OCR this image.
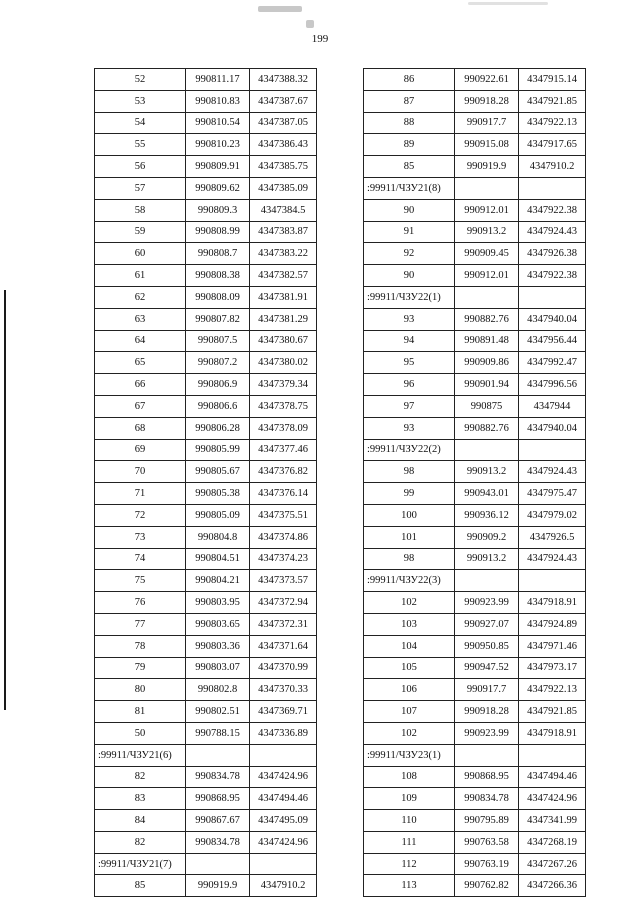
199
52	990811.17	4347388.32
53	990810.83	4347387.67
54	990810.54	4347387.05
55	990810.23	4347386.43
56	990809.91	4347385.75
57	990809.62	4347385.09
58	990809.3	4347384.5
59	990808.99	4347383.87
60	990808.7	4347383.22
61	990808.38	4347382.57
62	990808.09	4347381.91
63	990807.82	4347381.29
64	990807.5	4347380.67
65	990807.2	4347380.02
66	990806.9	4347379.34
67	990806.6	4347378.75
68	990806.28	4347378.09
69	990805.99	4347377.46
70	990805.67	4347376.82
71	990805.38	4347376.14
72	990805.09	4347375.51
73	990804.8	4347374.86
74	990804.51	4347374.23
75	990804.21	4347373.57
76	990803.95	4347372.94
77	990803.65	4347372.31
78	990803.36	4347371.64
79	990803.07	4347370.99
80	990802.8	4347370.33
81	990802.51	4347369.71
50	990788.15	4347336.89
:99911/ЧЗУ21(6)		
82	990834.78	4347424.96
83	990868.95	4347494.46
84	990867.67	4347495.09
82	990834.78	4347424.96
:99911/ЧЗУ21(7)		
85	990919.9	4347910.2
86	990922.61	4347915.14
87	990918.28	4347921.85
88	990917.7	4347922.13
89	990915.08	4347917.65
85	990919.9	4347910.2
:99911/ЧЗУ21(8)		
90	990912.01	4347922.38
91	990913.2	4347924.43
92	990909.45	4347926.38
90	990912.01	4347922.38
:99911/ЧЗУ22(1)		
93	990882.76	4347940.04
94	990891.48	4347956.44
95	990909.86	4347992.47
96	990901.94	4347996.56
97	990875	4347944
93	990882.76	4347940.04
:99911/ЧЗУ22(2)		
98	990913.2	4347924.43
99	990943.01	4347975.47
100	990936.12	4347979.02
101	990909.2	4347926.5
98	990913.2	4347924.43
:99911/ЧЗУ22(3)		
102	990923.99	4347918.91
103	990927.07	4347924.89
104	990950.85	4347971.46
105	990947.52	4347973.17
106	990917.7	4347922.13
107	990918.28	4347921.85
102	990923.99	4347918.91
:99911/ЧЗУ23(1)		
108	990868.95	4347494.46
109	990834.78	4347424.96
110	990795.89	4347341.99
111	990763.58	4347268.19
112	990763.19	4347267.26
113	990762.82	4347266.36
